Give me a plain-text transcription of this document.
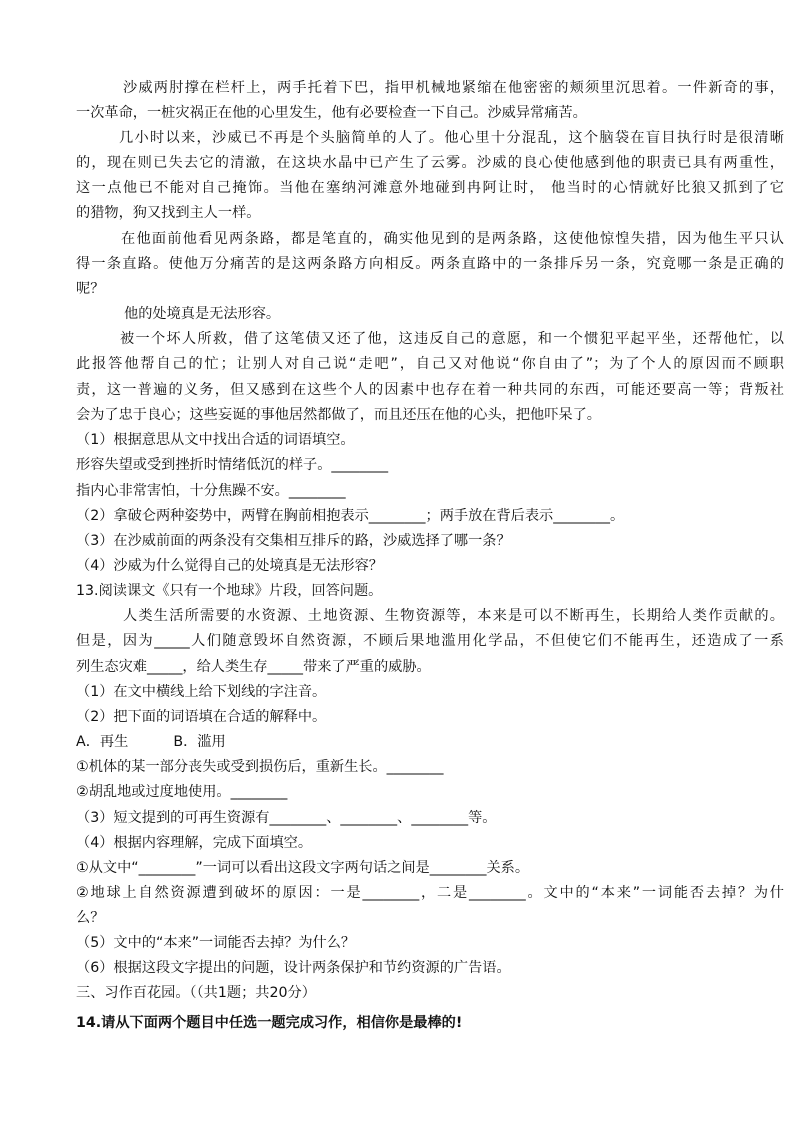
沙威两肘撑在栏杆上，两手托着下巴，指甲机械地紧缩在他密密的颊须里沉思着。一件新奇的事，

一次革命，一桩灾祸正在他的心里发生，他有必要检查一下自己。沙威异常痛苦。

几小时以来，沙威已不再是个头脑简单的人了。他心里十分混乱，这个脑袋在盲目执行时是很清晰

的，现在则已失去它的清澈，在这块水晶中已产生了云雾。沙威的良心使他感到他的职责已具有两重性，

这一点他已不能对自己掩饰。当他在塞纳河滩意外地碰到冉阿让时， 他当时的心情就好比狼又抓到了它

的猎物，狗又找到主人一样。

在他面前他看见两条路，都是笔直的，确实他见到的是两条路，这使他惊惶失措，因为他生平只认

得一条直路。使他万分痛苦的是这两条路方向相反。两条直路中的一条排斥另一条，究竟哪一条是正确的

呢？

他的处境真是无法形容。

被一个坏人所救，借了这笔债又还了他，这违反自己的意愿，和一个惯犯平起平坐，还帮他忙，以

此报答他帮自己的忙；让别人对自己说“走吧”，自己又对他说“你自由了”；为了个人的原因而不顾职

责，这一普遍的义务，但又感到在这些个人的因素中也存在着一种共同的东西，可能还要高一等；背叛社

会为了忠于良心；这些妄诞的事他居然都做了，而且还压在他的心头，把他吓呆了。

（1）根据意思从文中找出合适的词语填空。

形容失望或受到挫折时情绪低沉的样子。________

指内心非常害怕，十分焦躁不安。________

（2）拿破仑两种姿势中，两臂在胸前相抱表示________；两手放在背后表示________。

（3）在沙威前面的两条没有交集相互排斥的路，沙威选择了哪一条？

（4）沙威为什么觉得自己的处境真是无法形容？

13.阅读课文《只有一个地球》片段，回答问题。

人类生活所需要的水资源、土地资源、生物资源等，本来是可以不断再生，长期给人类作贡献的。

但是，因为_____人们随意毁坏自然资源，不顾后果地滥用化学品，不但使它们不能再生，还造成了一系

列生态灾难_____，给人类生存_____带来了严重的威胁。

（1）在文中横线上给下划线的字注音。

（2）把下面的词语填在合适的解释中。

A．再生          B．滥用

①机体的某一部分丧失或受到损伤后，重新生长。________

②胡乱地或过度地使用。________

（3）短文提到的可再生资源有________、________、________等。

（4）根据内容理解，完成下面填空。

①从文中“________”一词可以看出这段文字两句话之间是________关系。

②地球上自然资源遭到破坏的原因：一是________，二是________。文中的“本来”一词能否去掉？为什

么？

（5）文中的“本来”一词能否去掉？为什么？

（6）根据这段文字提出的问题，设计两条保护和节约资源的广告语。

三、习作百花园。（（共1题；共20分）

14.请从下面两个题目中任选一题完成习作，相信你是最棒的!
